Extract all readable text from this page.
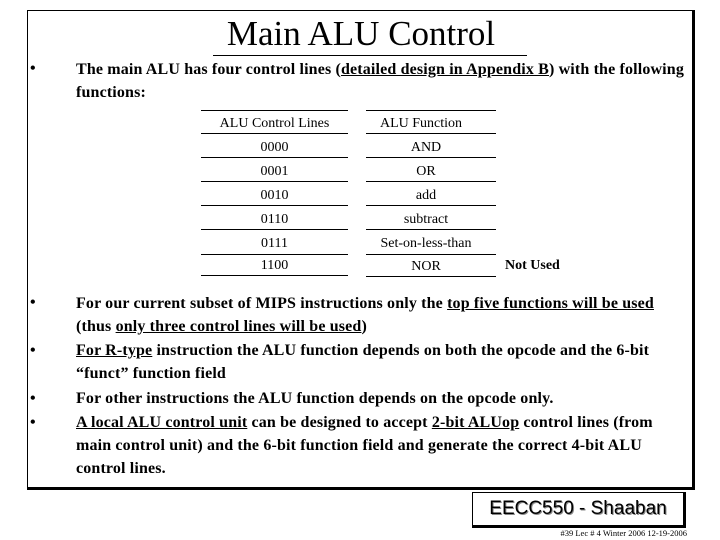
Main ALU Control
•	The main ALU has four control lines (detailed design in Appendix B) with the following functions:
ALU Control Lines	ALU Function
0000	AND
0001	OR
0010	add
0110	subtract
0111	Set-on-less-than
1100	NOR	Not Used
•	For our current subset of MIPS instructions only the top five functions will be used (thus only three control lines will be used)
•	For R-type instruction the ALU function depends on both the opcode and the 6-bit “funct” function field
•	For other instructions the ALU function depends on the opcode only.
•	A local ALU control unit can be designed to accept 2-bit ALUop control lines (from main control unit) and the 6-bit function field and generate the correct 4-bit ALU control lines.
EECC550 - Shaaban
#39 Lec # 4 Winter 2006 12-19-2006
